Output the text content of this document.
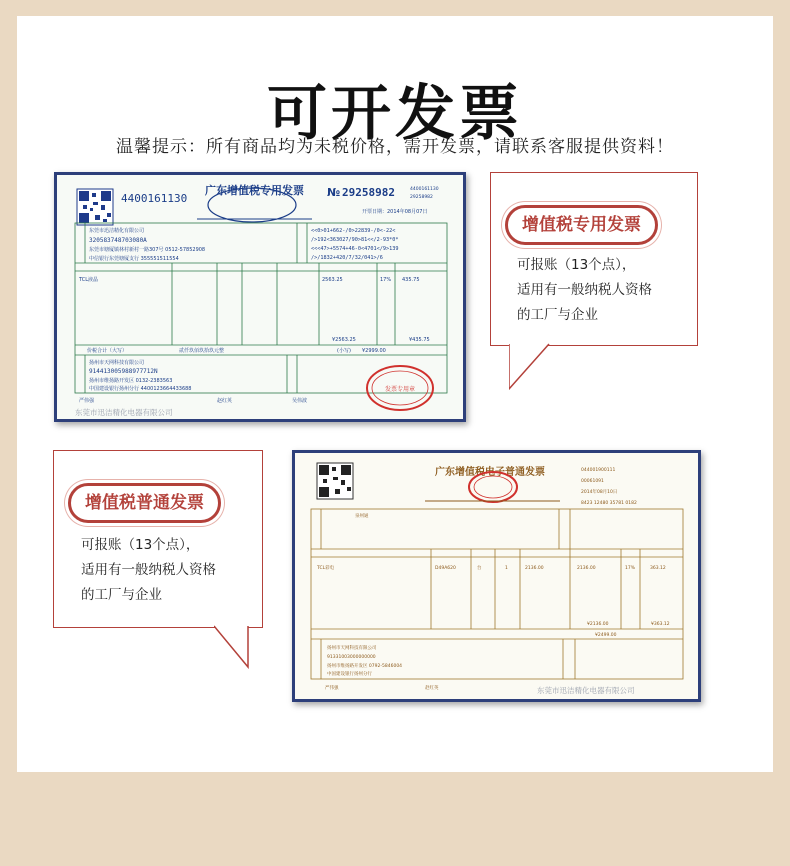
可开发票
温馨提示：所有商品均为未税价格，需开发票，请联系客服提供资料！
4400161130
广东增值税专用发票 № 29258982	4400161130
29258982
开票日期：2014年08月07日
东莞市迅洁精化有限公司
320583748703080A
东莞市塘厦镇林村新村一路307号 0512-57852908
中信银行东莞塘厦支行 355551511554
<<0>01+662-/0>22839-/0<-22<
/>192<363027/90>81<</2-93*0*
<<<47>+5574+46-0<4701</9>139
/>/1832+420/7/32/041>/6
TCL液晶	2563.25	17% 435.75
¥2563.25	¥435.75
价税合计（大写）	贰仟玖佰玖拾玖元整	(小写) ¥2999.00
扬州市天网科技有限公司
914413005988977712N
扬州市维扬路开发区 0132-2383563
中国建设银行扬州分行 4400123664433688
严伟强	赵红英	吴伟波
发票专用章
东莞市迅洁精化电器有限公司
增值税专用发票
可报账（13个点），
适用有一般纳税人资格
的工厂与企业
增值税普通发票
可报账（13个点），
适用有一般纳税人资格
的工厂与企业
广东增值税电子普通发票	044001900111
00061091
2014年08月10日
8423 12480 35781 0182
泉州通
TCL彩电	D49A620	台	1	2136.00	2136.00	17%	363.12
¥2136.00	¥363.12
¥2499.00
扬州市天网科技有限公司
91331003000000000
扬州市维扬路开发区 0792-5846004
中国建设银行扬州分行
严伟强	赵红英	东莞市迅洁精化电器有限公司
